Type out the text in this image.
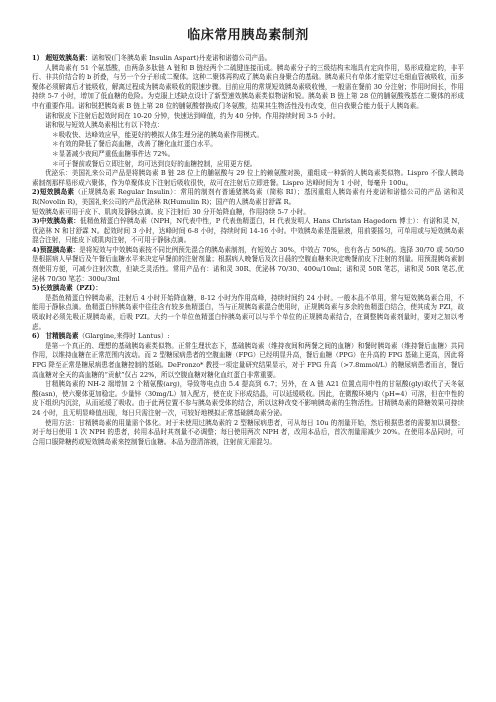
临床常用胰岛素制剂

1） 超短效胰岛素：诺和锐(门冬胰岛素 Insulin Aspart)丹麦诺和诺德公司产品。

人胰岛素有 51 个氨基酸，由两条多肽链 A 链和 B 链经两个二硫键连接而成。胰岛素分子的三级结构末端具有定向作用，易形成稳定的，非平行、非共价结合的 b 折叠，与另一个分子形成二聚体。这种二聚体再构成了胰岛素自身聚合的基础。胰岛素只有单体才能穿过毛细血管被吸收，而多聚体必须解离后才能吸收，解离过程成为胰岛素吸收的限速步骤。目前应用的常规短效胰岛素吸收慢，一般需在餐前 30 分注射；作用时间长，作用持续 5-7 小时，增加了低血糖的危险。为克服上述缺点设计了新型速效胰岛素类似物诺和锐。胰岛素 B 链上第 28 位的脯氨酸残基在二聚体的形成中有重要作用。诺和锐把胰岛素 B 链上第 28 位的脯氨酸替换成门冬氨酸，结果其生物活性没有改变，但自我聚合能力低于人胰岛素。

诺和锐皮下注射后起效时间在 10-20 分钟，快速达到峰值，约为 40 分钟。作用持续时间 3-5 小时。

诺和锐与短效人胰岛素相比有以下特点：

＊吸收快、达峰效应早，能更好的模拟人体生理分泌的胰岛素作用模式。

＊有效的降低了餐后高血糖，改善了糖化血红蛋白水平。

＊显著减少夜间严重低血糖事件达 72%。

＊可于餐前或餐后立即注射，均可达到良好的血糖控制，应用更方便。

优泌乐：美国礼来公司产品是将胰岛素 B 链 28 位上的脯氨酸与 29 位上的赖氨酸对换，重组成一种新的人胰岛素类似物。Lispro 不像人胰岛素制剂那样易形成六聚体，作为单聚体皮下注射后吸收很快，故可在注射后立即进餐。Lispro 达峰时间为 1 小时，每毫升 100u。

2)短效胰岛素（正规胰岛素 Regular Insulin）：常用的制剂有普通猪胰岛素（简称 RI）；基因重组人胰岛素有丹麦诺和诺德公司的产品 诺和灵 R(Novolin R)，美国礼来公司的产品优泌林 R(Humulin R)；国产的人胰岛素甘舒霖 R。

短效胰岛素可用于皮下、肌肉及静脉点滴。皮下注射后 30 分开始降血糖，作用持续 5-7 小时。

3)中效胰岛素：低精鱼精蛋白锌胰岛素（NPH，N代表中性，P 代表鱼精蛋白，H 代表发明人 Hans Christan Hagedorn 博士）：有诺和灵 N，优泌林 N 和甘舒霖 N。起效时间 3 小时，达峰时间 6-8 小时，持续时间 14-16 小时。中效胰岛素是混悬液，用前要摇匀，可单用或与短效胰岛素混合注射，只能皮下或肌肉注射，不可用于静脉点滴。

4)预混胰岛素：是将短效与中效胰岛素按不同比例预先混合的胰岛素制剂，有短效占 30%，中效占 70%，也有各占 50%的。选择 30/70 或 50/50 是根据病人早餐后及午餐后血糖水平来决定早餐前的注射剂量；根据病人晚餐后及次日晨的空腹血糖来决定晚餐前皮下注射的剂量。用预混胰岛素制剂使用方便，可减少注射次数，但缺乏灵活性。常用产品有：诺和灵 30R、优泌林 70/30、400u/10ml；诺和灵 50R 笔芯，诺和灵 50R 笔芯,优泌林 70/30 笔芯：300u/3ml

5)长效胰岛素（PZI）：

是指鱼精蛋白锌胰岛素，注射后 4 小时开始降血糖，8-12 小时为作用高峰，持续时间约 24 小时。一般本品不单用，常与短效胰岛素合用，不能用于静脉点滴。鱼精蛋白锌胰岛素中往往含有较多鱼精蛋白，当与正规胰岛素混合使用时，正规胰岛素与多余的鱼精蛋白结合，使其成为 PZI，故吸取时必须先吸正规胰岛素，后吸 PZI。大约一个单位鱼精蛋白锌胰岛素可以与半个单位的正规胰岛素结合，在调整胰岛素剂量时，要对之加以考虑。

6） 甘精胰岛素（Glargine,来得时 Lantus）:

是第一个真正的、理想的基础胰岛素类似物。正常生理状态下，基础胰岛素（维持夜间和两餐之间的血糖）和餐时胰岛素（维持餐后血糖）共同作用，以维持血糖在正常范围内波动。而 2 型糖尿病患者的空腹血糖（FPG）已经明显升高，餐后血糖（PPG）在升高的 FPG 基础上更高，因此将 FPG 降至正常是糖尿病患者血糖控制的基础。DeFronzo* 教授一项定量研究结果显示，对于 FPG 升高（>7.8mmol/L）的糖尿病患者而言，餐后高血糖对全天的高血糖的“贡献”仅占 22%，所以空腹血糖对糖化血红蛋白非常重要。

甘精胰岛素的 NH-2 端增加 2 个精氨酸(arg)，导致等电点由 5.4 提高到 6.7；另外，在 A 链 A21 位置点用中性的甘氨酸(gly)取代了天冬氨酸(asn)，使六聚体更加稳定。少量锌（30mg/L）加入配方，使在皮下形成结晶，可以延缓吸收。因此，在微酸环境内（pH=4）可溶，但在中性的皮下组织内沉淀，从而延缓了吸收。由于此两位置不参与胰岛素受体的结合，所以这种改变不影响胰岛素的生物活性。甘精胰岛素的降糖效果可持续 24 小时，且无明显峰值出现，每日只需注射一次，可较好地模拟正常基础胰岛素分泌。

使用方法：甘精胰岛素的用量需个体化。对于未使用过胰岛素的 2 型糖尿病患者，可从每日 10u 的剂量开始，然后根据患者的需要加以调整；对于每日使用 1 次 NPH 的患者，转用本品时其剂量不必调整；每日使用两次 NPH 者，改用本品后，首次剂量需减少 20%。在使用本品同时，可合用口服降糖药或短效胰岛素来控制餐后血糖。本品为澄清溶液，注射前无需混匀。
